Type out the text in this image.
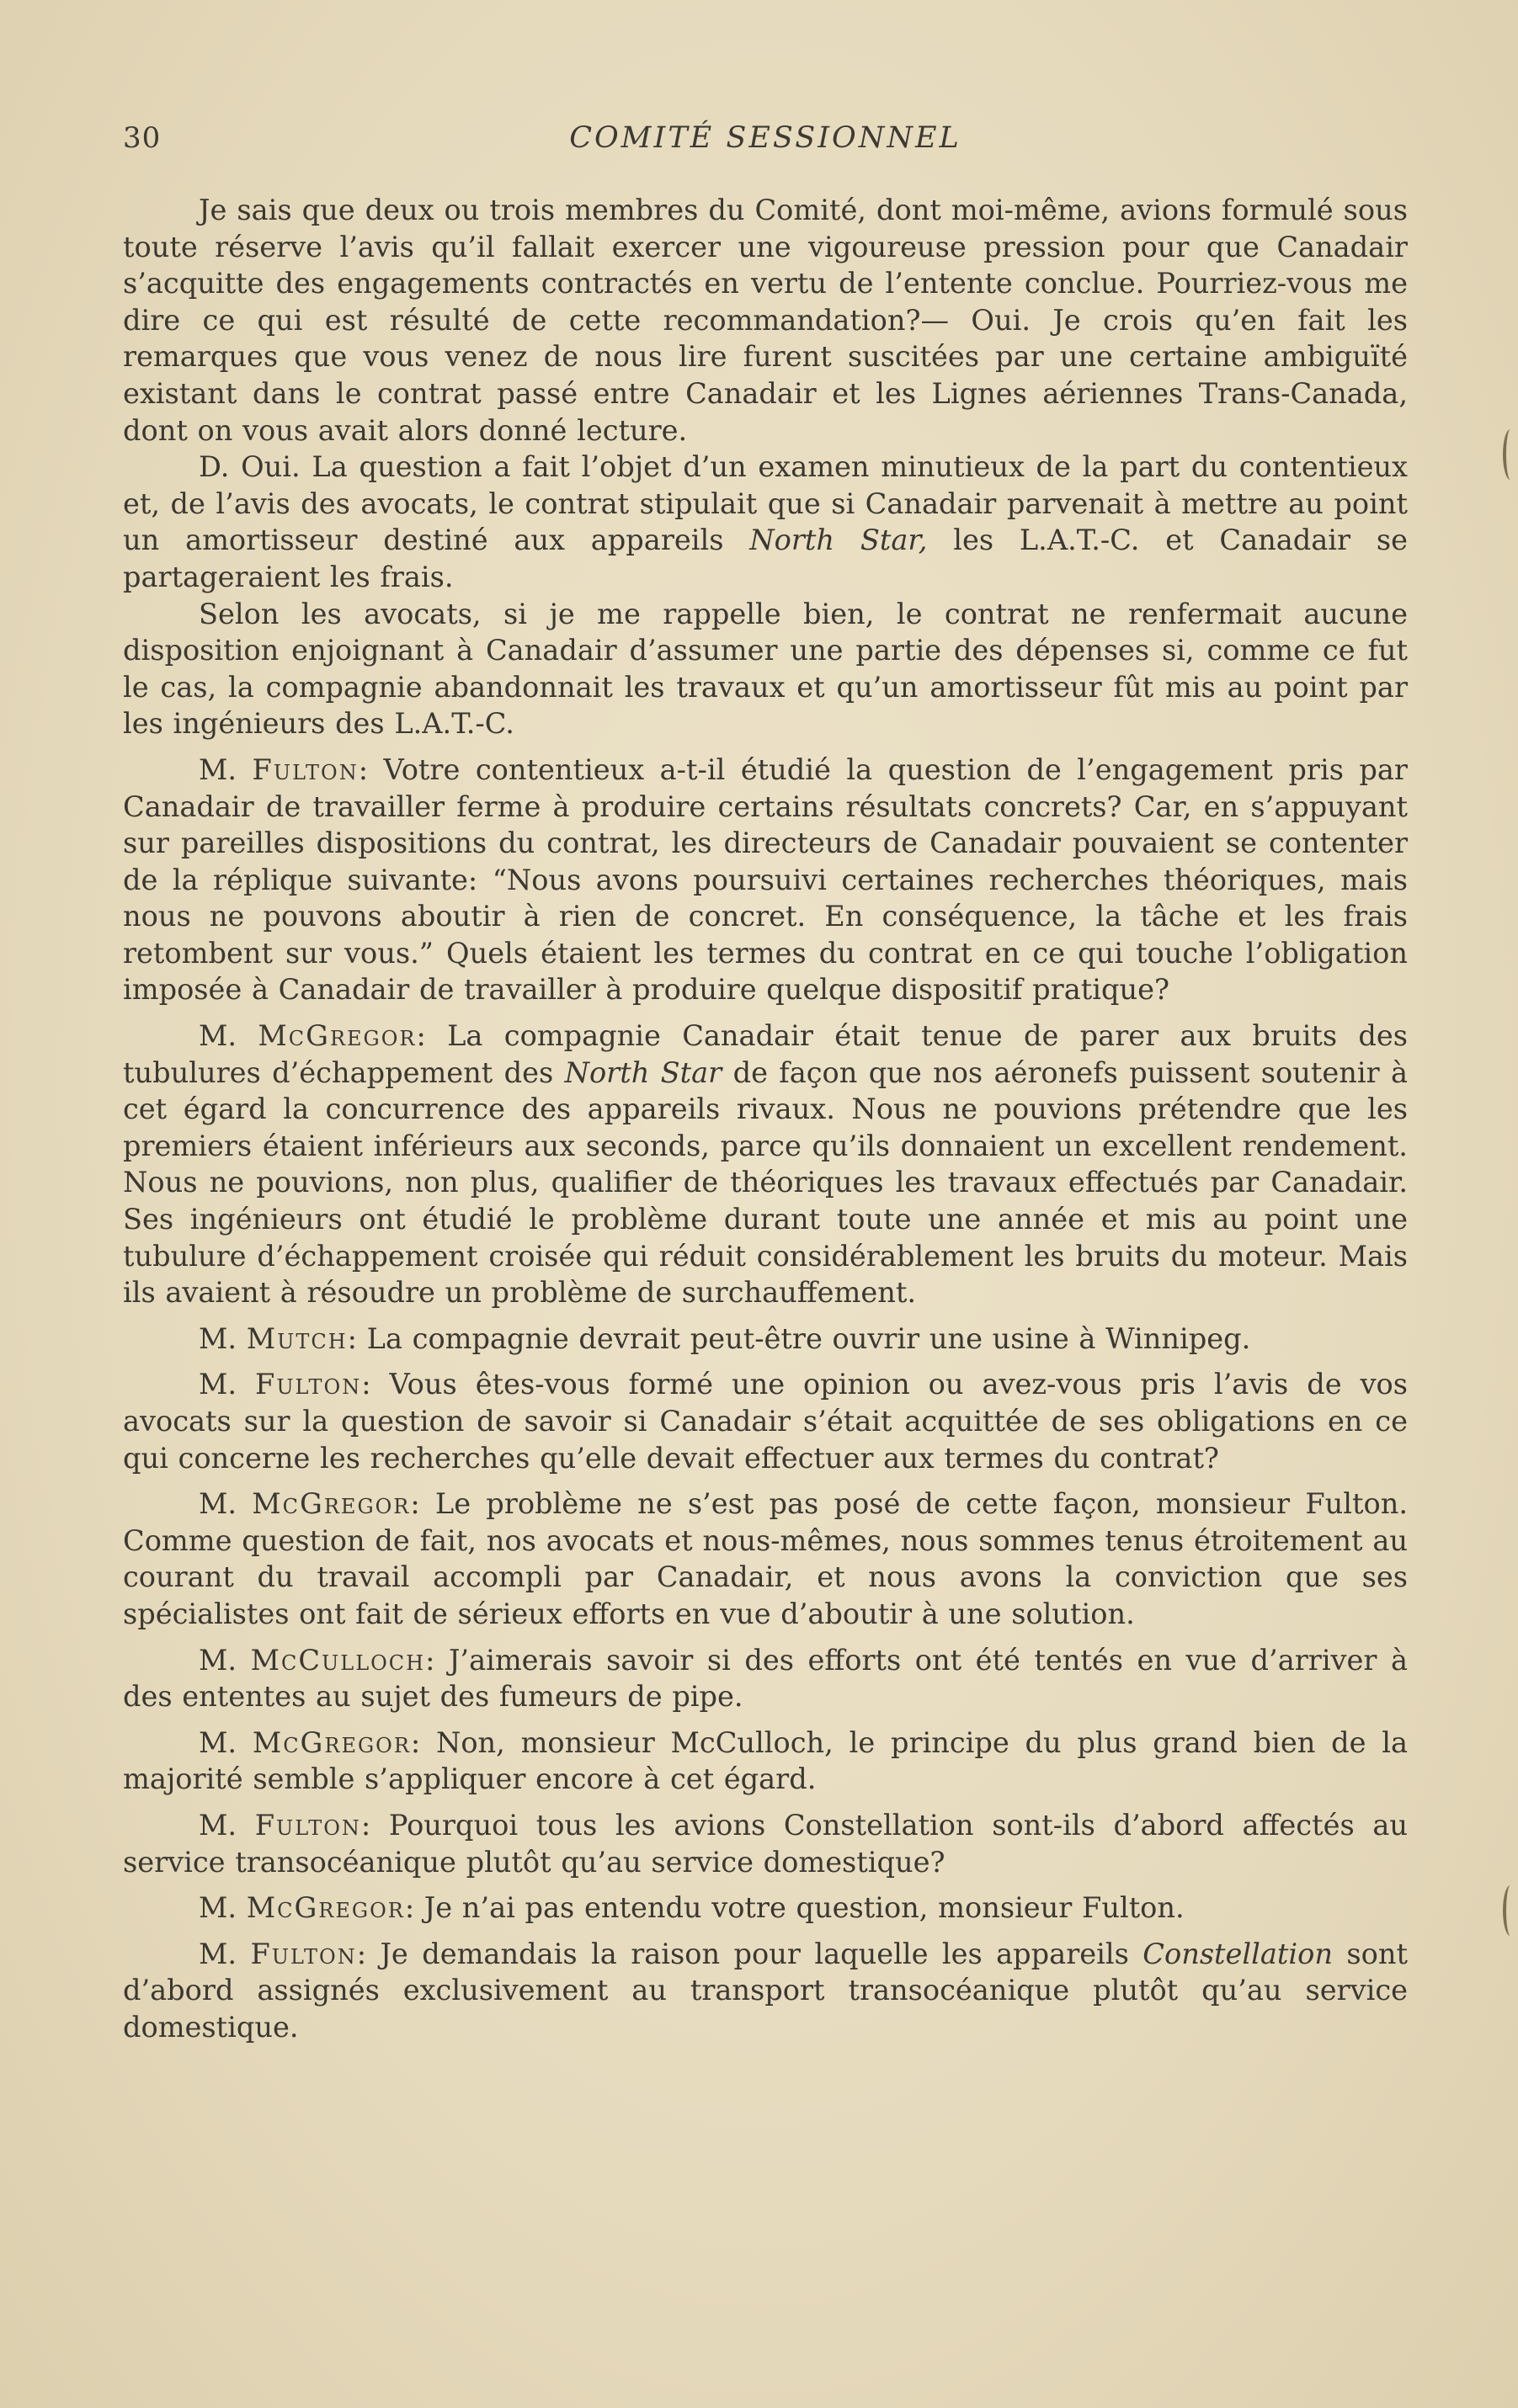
30	COMITÉ SESSIONNEL

Je sais que deux ou trois membres du Comité, dont moi-même, avions formulé sous toute réserve l’avis qu’il fallait exercer une vigoureuse pression pour que Canadair s’acquitte des engagements contractés en vertu de l’entente conclue. Pourriez-vous me dire ce qui est résulté de cette recommandation?— Oui. Je crois qu’en fait les remarques que vous venez de nous lire furent suscitées par une certaine ambiguïté existant dans le contrat passé entre Canadair et les Lignes aériennes Trans-Canada, dont on vous avait alors donné lecture.

D. Oui. La question a fait l’objet d’un examen minutieux de la part du contentieux et, de l’avis des avocats, le contrat stipulait que si Canadair parvenait à mettre au point un amortisseur destiné aux appareils North Star, les L.A.T.-C. et Canadair se partageraient les frais.

Selon les avocats, si je me rappelle bien, le contrat ne renfermait aucune disposition enjoignant à Canadair d’assumer une partie des dépenses si, comme ce fut le cas, la compagnie abandonnait les travaux et qu’un amortisseur fût mis au point par les ingénieurs des L.A.T.-C.

M. Fulton: Votre contentieux a-t-il étudié la question de l’engagement pris par Canadair de travailler ferme à produire certains résultats concrets? Car, en s’appuyant sur pareilles dispositions du contrat, les directeurs de Canadair pouvaient se contenter de la réplique suivante: “Nous avons poursuivi certaines recherches théoriques, mais nous ne pouvons aboutir à rien de concret. En conséquence, la tâche et les frais retombent sur vous.” Quels étaient les termes du contrat en ce qui touche l’obligation imposée à Canadair de travailler à produire quelque dispositif pratique?

M. McGregor: La compagnie Canadair était tenue de parer aux bruits des tubulures d’échappement des North Star de façon que nos aéronefs puissent soutenir à cet égard la concurrence des appareils rivaux. Nous ne pouvions prétendre que les premiers étaient inférieurs aux seconds, parce qu’ils donnaient un excellent rendement. Nous ne pouvions, non plus, qualifier de théoriques les travaux effectués par Canadair. Ses ingénieurs ont étudié le problème durant toute une année et mis au point une tubulure d’échappement croisée qui réduit considérablement les bruits du moteur. Mais ils avaient à résoudre un problème de surchauffement.

M. Mutch: La compagnie devrait peut-être ouvrir une usine à Winnipeg.

M. Fulton: Vous êtes-vous formé une opinion ou avez-vous pris l’avis de vos avocats sur la question de savoir si Canadair s’était acquittée de ses obligations en ce qui concerne les recherches qu’elle devait effectuer aux termes du contrat?

M. McGregor: Le problème ne s’est pas posé de cette façon, monsieur Fulton. Comme question de fait, nos avocats et nous-mêmes, nous sommes tenus étroitement au courant du travail accompli par Canadair, et nous avons la conviction que ses spécialistes ont fait de sérieux efforts en vue d’aboutir à une solution.

M. McCulloch: J’aimerais savoir si des efforts ont été tentés en vue d’arriver à des ententes au sujet des fumeurs de pipe.

M. McGregor: Non, monsieur McCulloch, le principe du plus grand bien de la majorité semble s’appliquer encore à cet égard.

M. Fulton: Pourquoi tous les avions Constellation sont-ils d’abord affectés au service transocéanique plutôt qu’au service domestique?

M. McGregor: Je n’ai pas entendu votre question, monsieur Fulton.

M. Fulton: Je demandais la raison pour laquelle les appareils Constellation sont d’abord assignés exclusivement au transport transocéanique plutôt qu’au service domestique.
